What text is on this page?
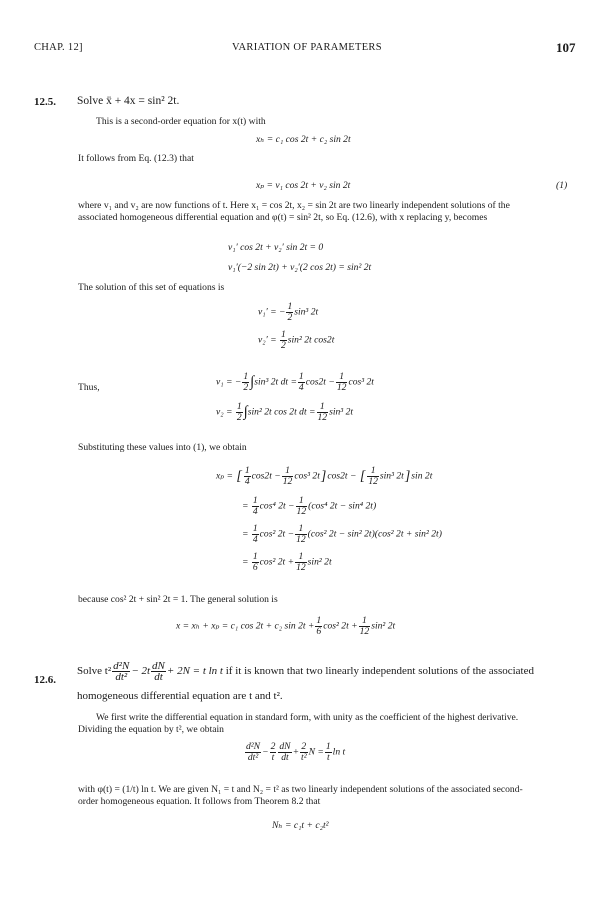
CHAP. 12]	VARIATION OF PARAMETERS	107
12.5. Solve ẍ + 4x = sin² 2t.
This is a second-order equation for x(t) with
xₕ = c₁ cos 2t + c₂ sin 2t
It follows from Eq. (12.3) that
xₚ = v₁ cos 2t + v₂ sin 2t	(1)
where v₁ and v₂ are now functions of t. Here x₁ = cos 2t, x₂ = sin 2t are two linearly independent solutions of the
associated homogeneous differential equation and φ(t) = sin² 2t, so Eq. (12.6), with x replacing y, becomes
v₁′ cos 2t + v₂′ sin 2t = 0
v₁′(−2 sin 2t) + v₂′(2 cos 2t) = sin² 2t
The solution of this set of equations is
v₁′ = − $\frac{1}{2} \sin^3$ 2t
$v_2' = \frac{1}{2} \sin^2$ 2t cos2t
Thus,	v₁ = − $\frac{1}{2} \int\sin^3$ 2t dt = $\frac{1}{4} \cos 2t - \frac{1}{12} \cos^3$ 2t
$v_2 = \frac{1}{2} \int\sin^2$ 2t cos 2t dt = $\frac{1}{12} \sin^3$ 2t
Substituting these values into (1), we obtain
xₚ = [ $\frac{1}{4} \cos 2t - \frac{1}{12} \cos^3$ 2t]cos2t − [ $\frac{1}{12} \sin^3$ 2t]sin 2t
= $\frac{1}{4} \cos^4$ $2t - \frac{1}{12} (\cos^4$ 2t − sin⁴ 2t)
= $\frac{1}{4} \cos^2$ $2t - \frac{1}{12} (\cos^2$ 2t − sin² 2t)(cos² 2t + sin² 2t)
= $\frac{1}{6} \cos^2$ $2t + \frac{1}{12} \sin^2$ 2t
because cos² 2t + sin² 2t = 1. The general solution is
x = xₕ + xₚ = c₁ cos 2t + c₂ $\sin 2t + \frac{1}{6} \cos^2$ $2t + \frac{1}{12} \sin^2$ 2t
12.6.
Solve $t^2 \frac{\text{d²N}}{\text{dt²}} - 2t \frac{dN}{dt} + 2N = t$ ln t if it is known that two linearly independent solutions of the associated
homogeneous differential equation are t and t².
We first write the differential equation in standard form, with unity as the coefficient of the highest derivative.
Dividing the equation by t², we obtain
$\frac{\text{d²N}}{\text{dt²}} - \frac{2}{t} \frac{dN}{dt} + \frac{2}{\text{t²}}$ $N = \frac{1}{t}$ ln t
with φ(t) = (1/t) ln t. We are given N₁ = t and N₂ = t² as two linearly independent solutions of the associated second-
order homogeneous equation. It follows from Theorem 8.2 that
Nₕ = c₁t + c₂t²
